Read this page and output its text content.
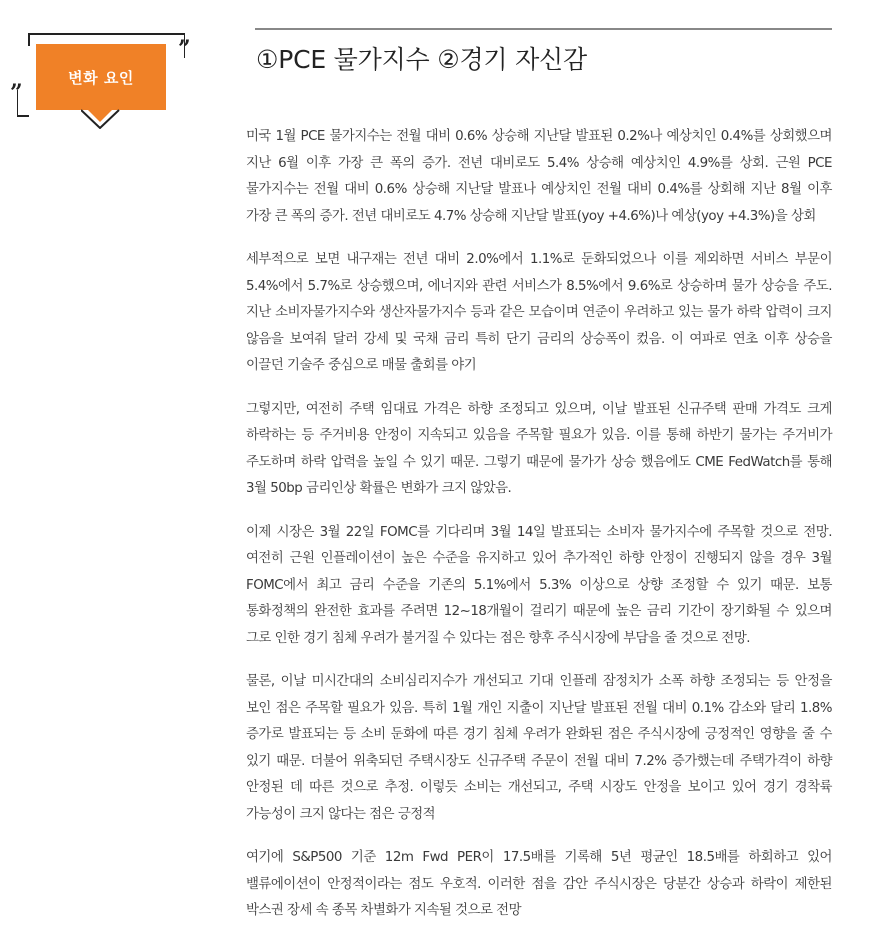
변화 요인
”
”
①PCE 물가지수 ②경기 자신감

미국 1월 PCE 물가지수는 전월 대비 0.6% 상승해 지난달 발표된 0.2%나 예상치인 0.4%를 상회했으며 지난 6월 이후 가장 큰 폭의 증가. 전년 대비로도 5.4% 상승해 예상치인 4.9%를 상회. 근원 PCE 물가지수는 전월 대비 0.6% 상승해 지난달 발표나 예상치인 전월 대비 0.4%를 상회해 지난 8월 이후 가장 큰 폭의 증가. 전년 대비로도 4.7% 상승해 지난달 발표(yoy +4.6%)나 예상(yoy +4.3%)을 상회

세부적으로 보면 내구재는 전년 대비 2.0%에서 1.1%로 둔화되었으나 이를 제외하면 서비스 부문이 5.4%에서 5.7%로 상승했으며, 에너지와 관련 서비스가 8.5%에서 9.6%로 상승하며 물가 상승을 주도. 지난 소비자물가지수와 생산자물가지수 등과 같은 모습이며 연준이 우려하고 있는 물가 하락 압력이 크지 않음을 보여줘 달러 강세 및 국채 금리 특히 단기 금리의 상승폭이 컸음. 이 여파로 연초 이후 상승을 이끌던 기술주 중심으로 매물 출회를 야기

그렇지만, 여전히 주택 임대료 가격은 하향 조정되고 있으며, 이날 발표된 신규주택 판매 가격도 크게 하락하는 등 주거비용 안정이 지속되고 있음을 주목할 필요가 있음. 이를 통해 하반기 물가는 주거비가 주도하며 하락 압력을 높일 수 있기 때문. 그렇기 때문에 물가가 상승 했음에도 CME FedWatch를 통해 3월 50bp 금리인상 확률은 변화가 크지 않았음.

이제 시장은 3월 22일 FOMC를 기다리며 3월 14일 발표되는 소비자 물가지수에 주목할 것으로 전망. 여전히 근원 인플레이션이 높은 수준을 유지하고 있어 추가적인 하향 안정이 진행되지 않을 경우 3월 FOMC에서 최고 금리 수준을 기존의 5.1%에서 5.3% 이상으로 상향 조정할 수 있기 때문. 보통 통화정책의 완전한 효과를 주려면 12~18개월이 걸리기 때문에 높은 금리 기간이 장기화될 수 있으며 그로 인한 경기 침체 우려가 불거질 수 있다는 점은 향후 주식시장에 부담을 줄 것으로 전망.

물론, 이날 미시간대의 소비심리지수가 개선되고 기대 인플레 잠정치가 소폭 하향 조정되는 등 안정을 보인 점은 주목할 필요가 있음. 특히 1월 개인 지출이 지난달 발표된 전월 대비 0.1% 감소와 달리 1.8% 증가로 발표되는 등 소비 둔화에 따른 경기 침체 우려가 완화된 점은 주식시장에 긍정적인 영향을 줄 수 있기 때문. 더불어 위축되던 주택시장도 신규주택 주문이 전월 대비 7.2% 증가했는데 주택가격이 하향 안정된 데 따른 것으로 추정. 이렇듯 소비는 개선되고, 주택 시장도 안정을 보이고 있어 경기 경착륙 가능성이 크지 않다는 점은 긍정적

여기에 S&P500 기준 12m Fwd PER이 17.5배를 기록해 5년 평균인 18.5배를 하회하고 있어 밸류에이션이 안정적이라는 점도 우호적. 이러한 점을 감안 주식시장은 당분간 상승과 하락이 제한된 박스권 장세 속 종목 차별화가 지속될 것으로 전망
